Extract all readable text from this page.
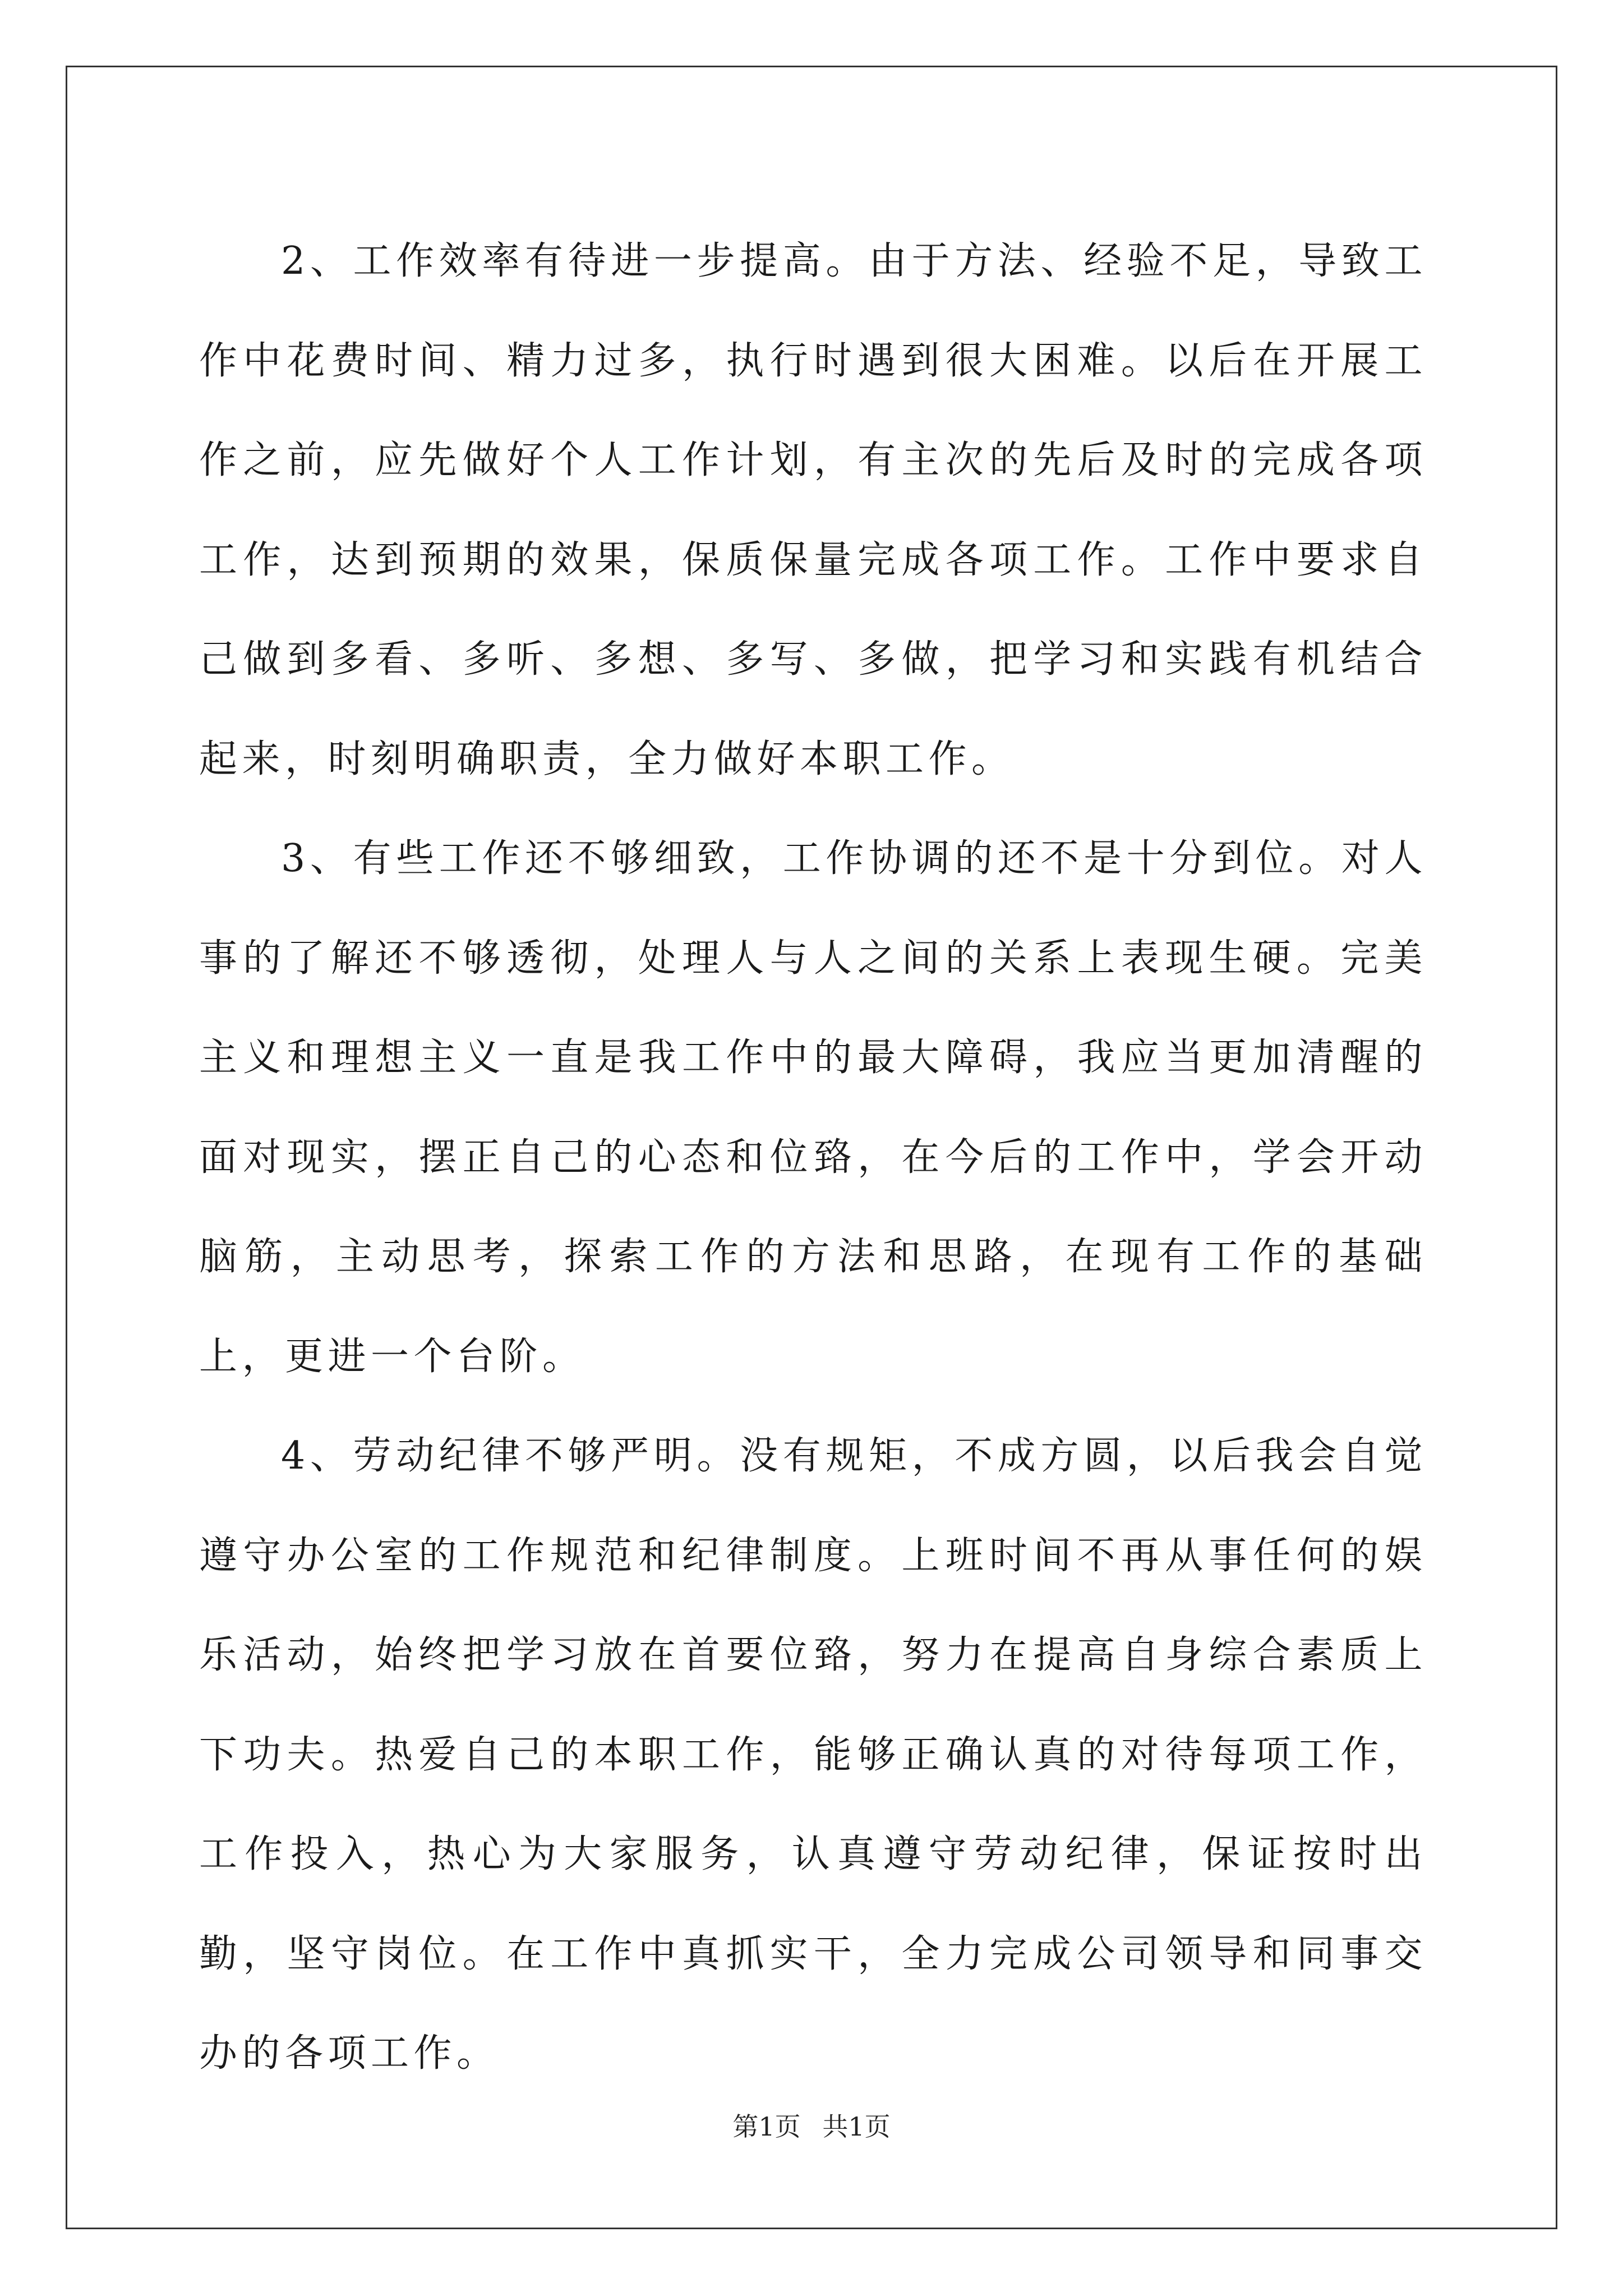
2、工作效率有待进一步提高。由于方法、经验不足，导致工作中花费时间、精力过多，执行时遇到很大困难。以后在开展工作之前，应先做好个人工作计划，有主次的先后及时的完成各项工作，达到预期的效果，保质保量完成各项工作。工作中要求自己做到多看、多听、多想、多写、多做，把学习和实践有机结合起来，时刻明确职责，全力做好本职工作。

3、有些工作还不够细致，工作协调的还不是十分到位。对人事的了解还不够透彻，处理人与人之间的关系上表现生硬。完美主义和理想主义一直是我工作中的最大障碍，我应当更加清醒的面对现实，摆正自己的心态和位臵，在今后的工作中，学会开动脑筋，主动思考，探索工作的方法和思路，在现有工作的基础上，更进一个台阶。

4、劳动纪律不够严明。没有规矩，不成方圆，以后我会自觉遵守办公室的工作规范和纪律制度。上班时间不再从事任何的娱乐活动，始终把学习放在首要位臵，努力在提高自身综合素质上下功夫。热爱自己的本职工作，能够正确认真的对待每项工作，工作投入，热心为大家服务，认真遵守劳动纪律，保证按时出勤，坚守岗位。在工作中真抓实干，全力完成公司领导和同事交办的各项工作。

第1页 共1页
